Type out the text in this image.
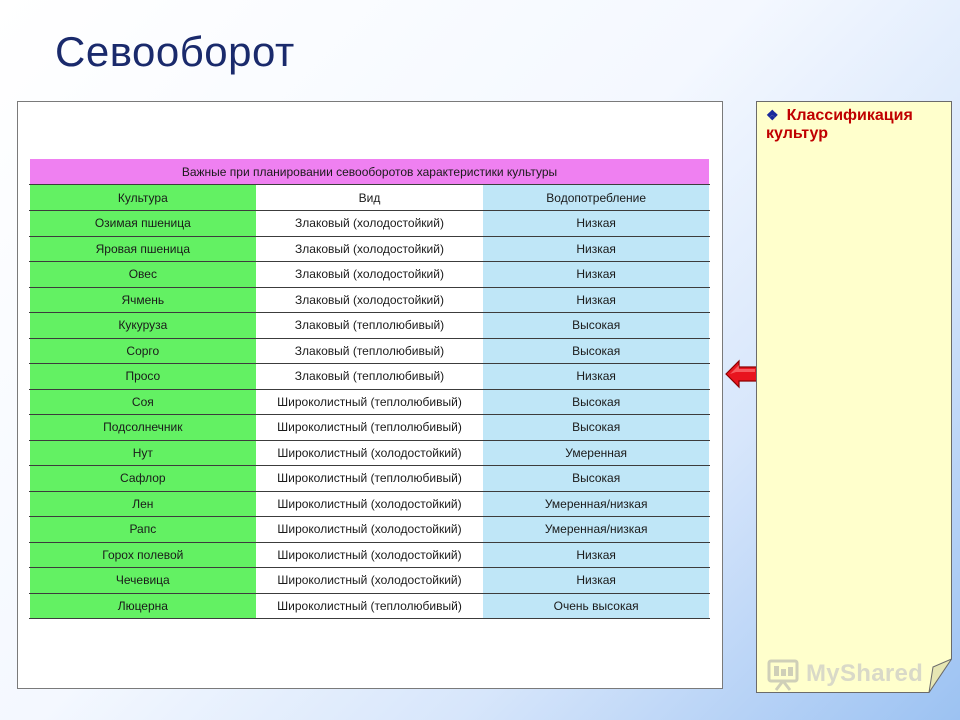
Севооборот
Важные при планировании севооборотов характеристики культуры		
Культура	Вид	Водопотребление
Озимая пшеница	Злаковый (холодостойкий)	Низкая
Яровая пшеница	Злаковый (холодостойкий)	Низкая
Овес	Злаковый (холодостойкий)	Низкая
Ячмень	Злаковый (холодостойкий)	Низкая
Кукуруза	Злаковый (теплолюбивый)	Высокая
Сорго	Злаковый (теплолюбивый)	Высокая
Просо	Злаковый (теплолюбивый)	Низкая
Соя	Широколистный (теплолюбивый)	Высокая
Подсолнечник	Широколистный (теплолюбивый)	Высокая
Нут	Широколистный (холодостойкий)	Умеренная
Сафлор	Широколистный (теплолюбивый)	Высокая
Лен	Широколистный (холодостойкий)	Умеренная/низкая
Рапс	Широколистный (холодостойкий)	Умеренная/низкая
Горох полевой	Широколистный (холодостойкий)	Низкая
Чечевица	Широколистный (холодостойкий)	Низкая
Люцерна	Широколистный (теплолюбивый)	Очень высокая
❖ Классификация культур
MyShared
